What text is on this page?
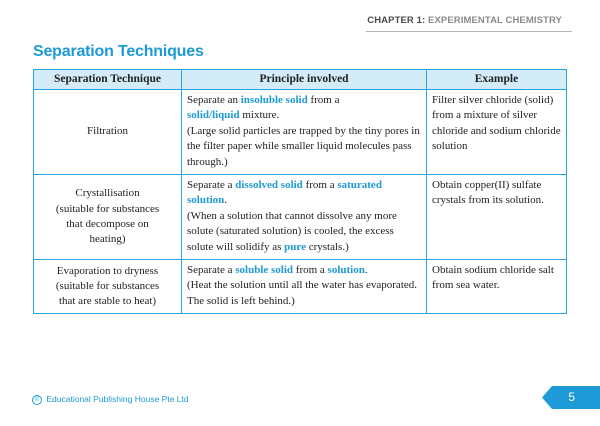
CHAPTER 1: EXPERIMENTAL CHEMISTRY
Separation Techniques
Separation Technique	Principle involved	Example
Filtration	Separate an insoluble solid from a
solid/liquid mixture.
(Large solid particles are trapped by the tiny pores in the filter paper while smaller liquid molecules pass through.)	Filter silver chloride (solid) from a mixture of silver chloride and sodium chloride solution
Crystallisation
(suitable for substances
that decompose on
heating)	Separate a dissolved solid from a saturated solution.
(When a solution that cannot dissolve any more solute (saturated solution) is cooled, the excess solute will solidify as pure crystals.)	Obtain copper(II) sulfate crystals from its solution.
Evaporation to dryness
(suitable for substances
that are stable to heat)	Separate a soluble solid from a solution.
(Heat the solution until all the water has evaporated. The solid is left behind.)	Obtain sodium chloride salt from sea water.
© Educational Publishing House Pte Ltd	5
